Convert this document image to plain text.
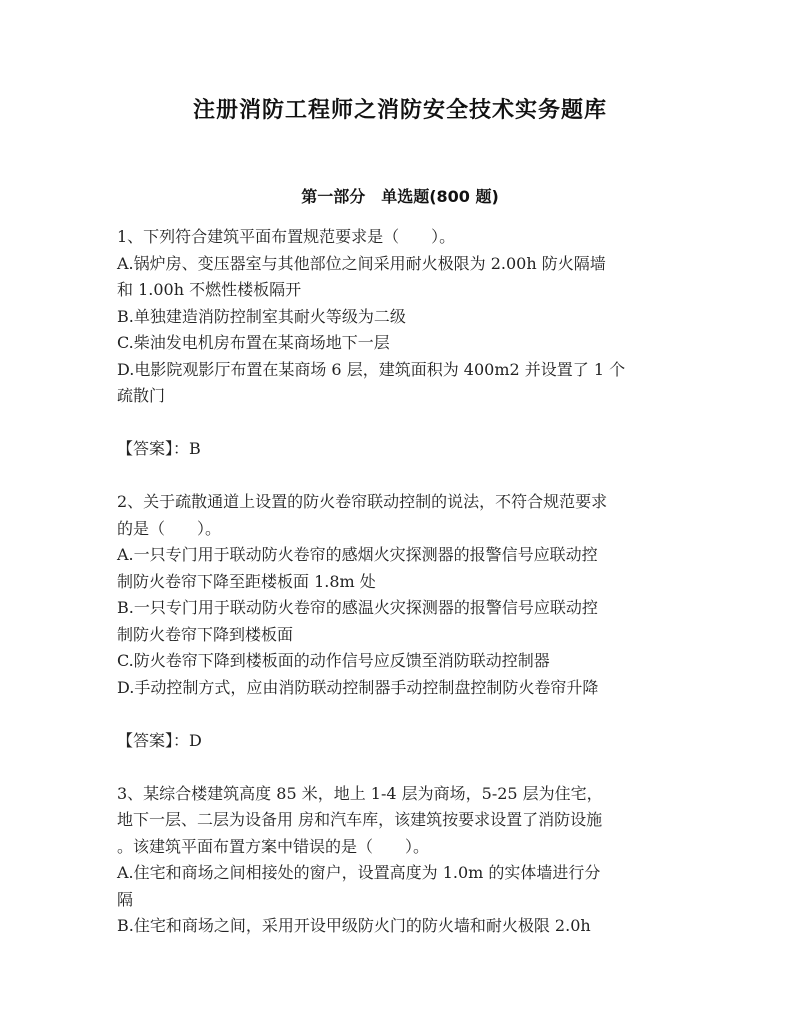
注册消防工程师之消防安全技术实务题库
第一部分　单选题(800 题)
1、下列符合建筑平面布置规范要求是（　　）。
A.锅炉房、变压器室与其他部位之间采用耐火极限为 2.00h 防火隔墙
和 1.00h 不燃性楼板隔开
B.单独建造消防控制室其耐火等级为二级
C.柴油发电机房布置在某商场地下一层
D.电影院观影厅布置在某商场 6 层，建筑面积为 400m2 并设置了 1 个
疏散门
【答案】：B
2、关于疏散通道上设置的防火卷帘联动控制的说法，不符合规范要求
的是（　　）。
A.一只专门用于联动防火卷帘的感烟火灾探测器的报警信号应联动控
制防火卷帘下降至距楼板面 1.8m 处
B.一只专门用于联动防火卷帘的感温火灾探测器的报警信号应联动控
制防火卷帘下降到楼板面
C.防火卷帘下降到楼板面的动作信号应反馈至消防联动控制器
D.手动控制方式，应由消防联动控制器手动控制盘控制防火卷帘升降
【答案】：D
3、某综合楼建筑高度 85 米，地上 1-4 层为商场，5-25 层为住宅，
地下一层、二层为设备用 房和汽车库，该建筑按要求设置了消防设施
。该建筑平面布置方案中错误的是（　　）。
A.住宅和商场之间相接处的窗户，设置高度为 1.0m 的实体墙进行分
隔
B.住宅和商场之间，采用开设甲级防火门的防火墙和耐火极限 2.0h
